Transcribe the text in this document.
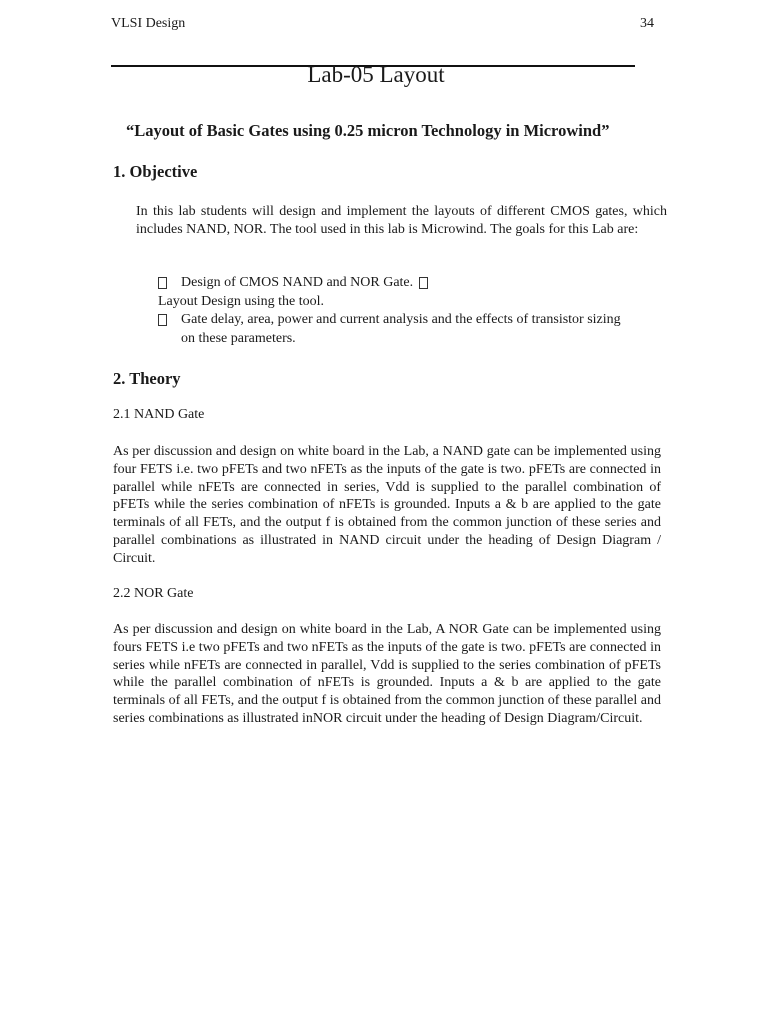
VLSI Design	34
Lab-05 Layout
“Layout of Basic Gates using 0.25 micron Technology in Microwind”
1. Objective
In this lab students will design and implement the layouts of different CMOS gates, which includes NAND, NOR. The tool used in this lab is Microwind. The goals for this Lab are:
Design of CMOS NAND and NOR Gate.
Layout Design using the tool.
Gate delay, area, power and current analysis and the effects of transistor sizing
on these parameters.
2. Theory
2.1 NAND Gate
As per discussion and design on white board in the Lab, a NAND gate can be implemented using four FETS i.e. two pFETs and two nFETs as the inputs of the gate is two. pFETs are connected in parallel while nFETs are connected in series, Vdd is supplied to the parallel combination of pFETs while the series combination of nFETs is grounded. Inputs a & b are applied to the gate terminals of all FETs, and the output f is obtained from the common junction of these series and parallel combinations as illustrated in NAND circuit under the heading of Design Diagram / Circuit.
2.2 NOR Gate
As per discussion and design on white board in the Lab, A NOR Gate can be implemented using fours FETS i.e two pFETs and two nFETs as the inputs of the gate is two. pFETs are connected in series while nFETs are connected in parallel, Vdd is supplied to the series combination of pFETs while the parallel combination of nFETs is grounded. Inputs a & b are applied to the gate terminals of all FETs, and the output f is obtained from the common junction of these parallel and series combinations as illustrated inNOR circuit under the heading of Design Diagram/Circuit.
